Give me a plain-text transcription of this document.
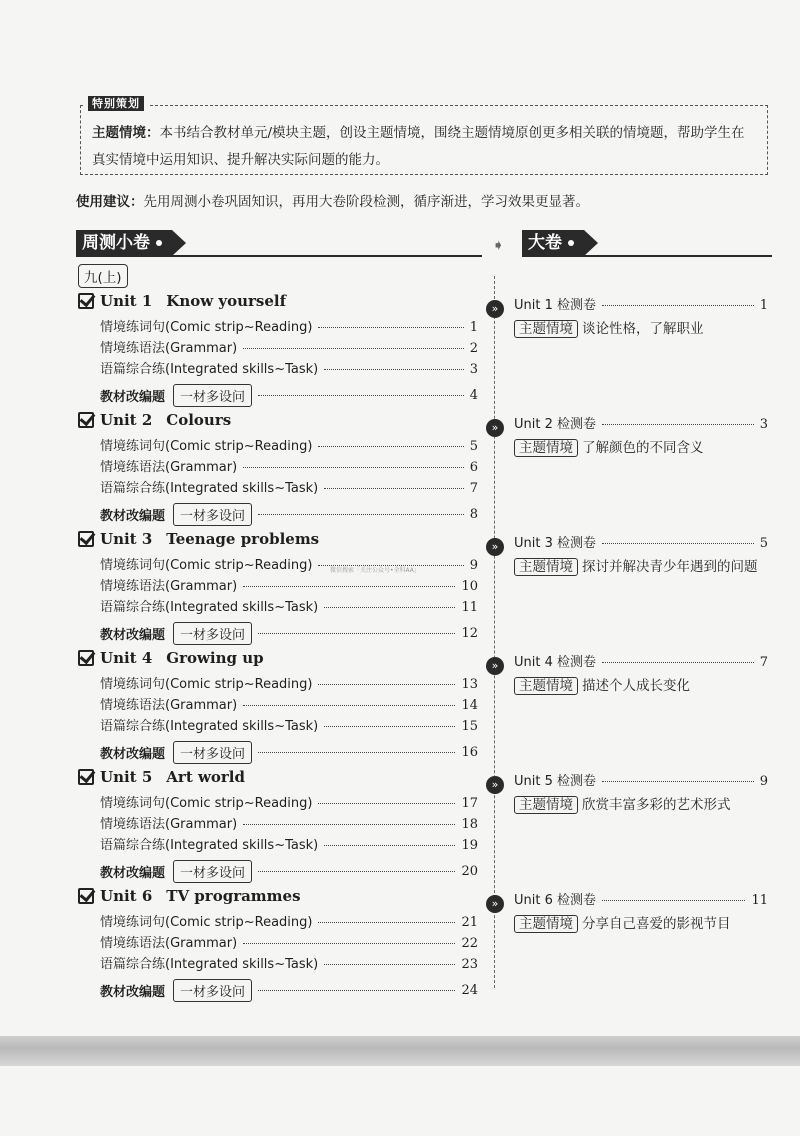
特别策划
主题情境：本书结合教材单元/模块主题，创设主题情境，围绕主题情境原创更多相关联的情境题，帮助学生在真实情境中运用知识、提升解决实际问题的能力。
使用建议：先用周测小卷巩固知识，再用大卷阶段检测，循序渐进，学习效果更显著。
周测小卷	➧	大卷
九(上)
微信搜索「关注公众号•全科AA」
Unit 1 Know yourself
情境练词句(Comic strip~Reading)	1
情境练语法(Grammar)	2
语篇综合练(Integrated skills~Task)	3
教材改编题	一材多设问	4
»	Unit 1 检测卷	1
主题情境 谈论性格，了解职业
Unit 2 Colours
情境练词句(Comic strip~Reading)	5
情境练语法(Grammar)	6
语篇综合练(Integrated skills~Task)	7
教材改编题	一材多设问	8
»	Unit 2 检测卷	3
主题情境 了解颜色的不同含义
Unit 3 Teenage problems
情境练词句(Comic strip~Reading)	9
情境练语法(Grammar)	10
语篇综合练(Integrated skills~Task)	11
教材改编题	一材多设问	12
»	Unit 3 检测卷	5
主题情境 探讨并解决青少年遇到的问题
Unit 4 Growing up
情境练词句(Comic strip~Reading)	13
情境练语法(Grammar)	14
语篇综合练(Integrated skills~Task)	15
教材改编题	一材多设问	16
»	Unit 4 检测卷	7
主题情境 描述个人成长变化
Unit 5 Art world
情境练词句(Comic strip~Reading)	17
情境练语法(Grammar)	18
语篇综合练(Integrated skills~Task)	19
教材改编题	一材多设问	20
»	Unit 5 检测卷	9
主题情境 欣赏丰富多彩的艺术形式
Unit 6 TV programmes
情境练词句(Comic strip~Reading)	21
情境练语法(Grammar)	22
语篇综合练(Integrated skills~Task)	23
教材改编题	一材多设问	24
»	Unit 6 检测卷	11
主题情境 分享自己喜爱的影视节目
